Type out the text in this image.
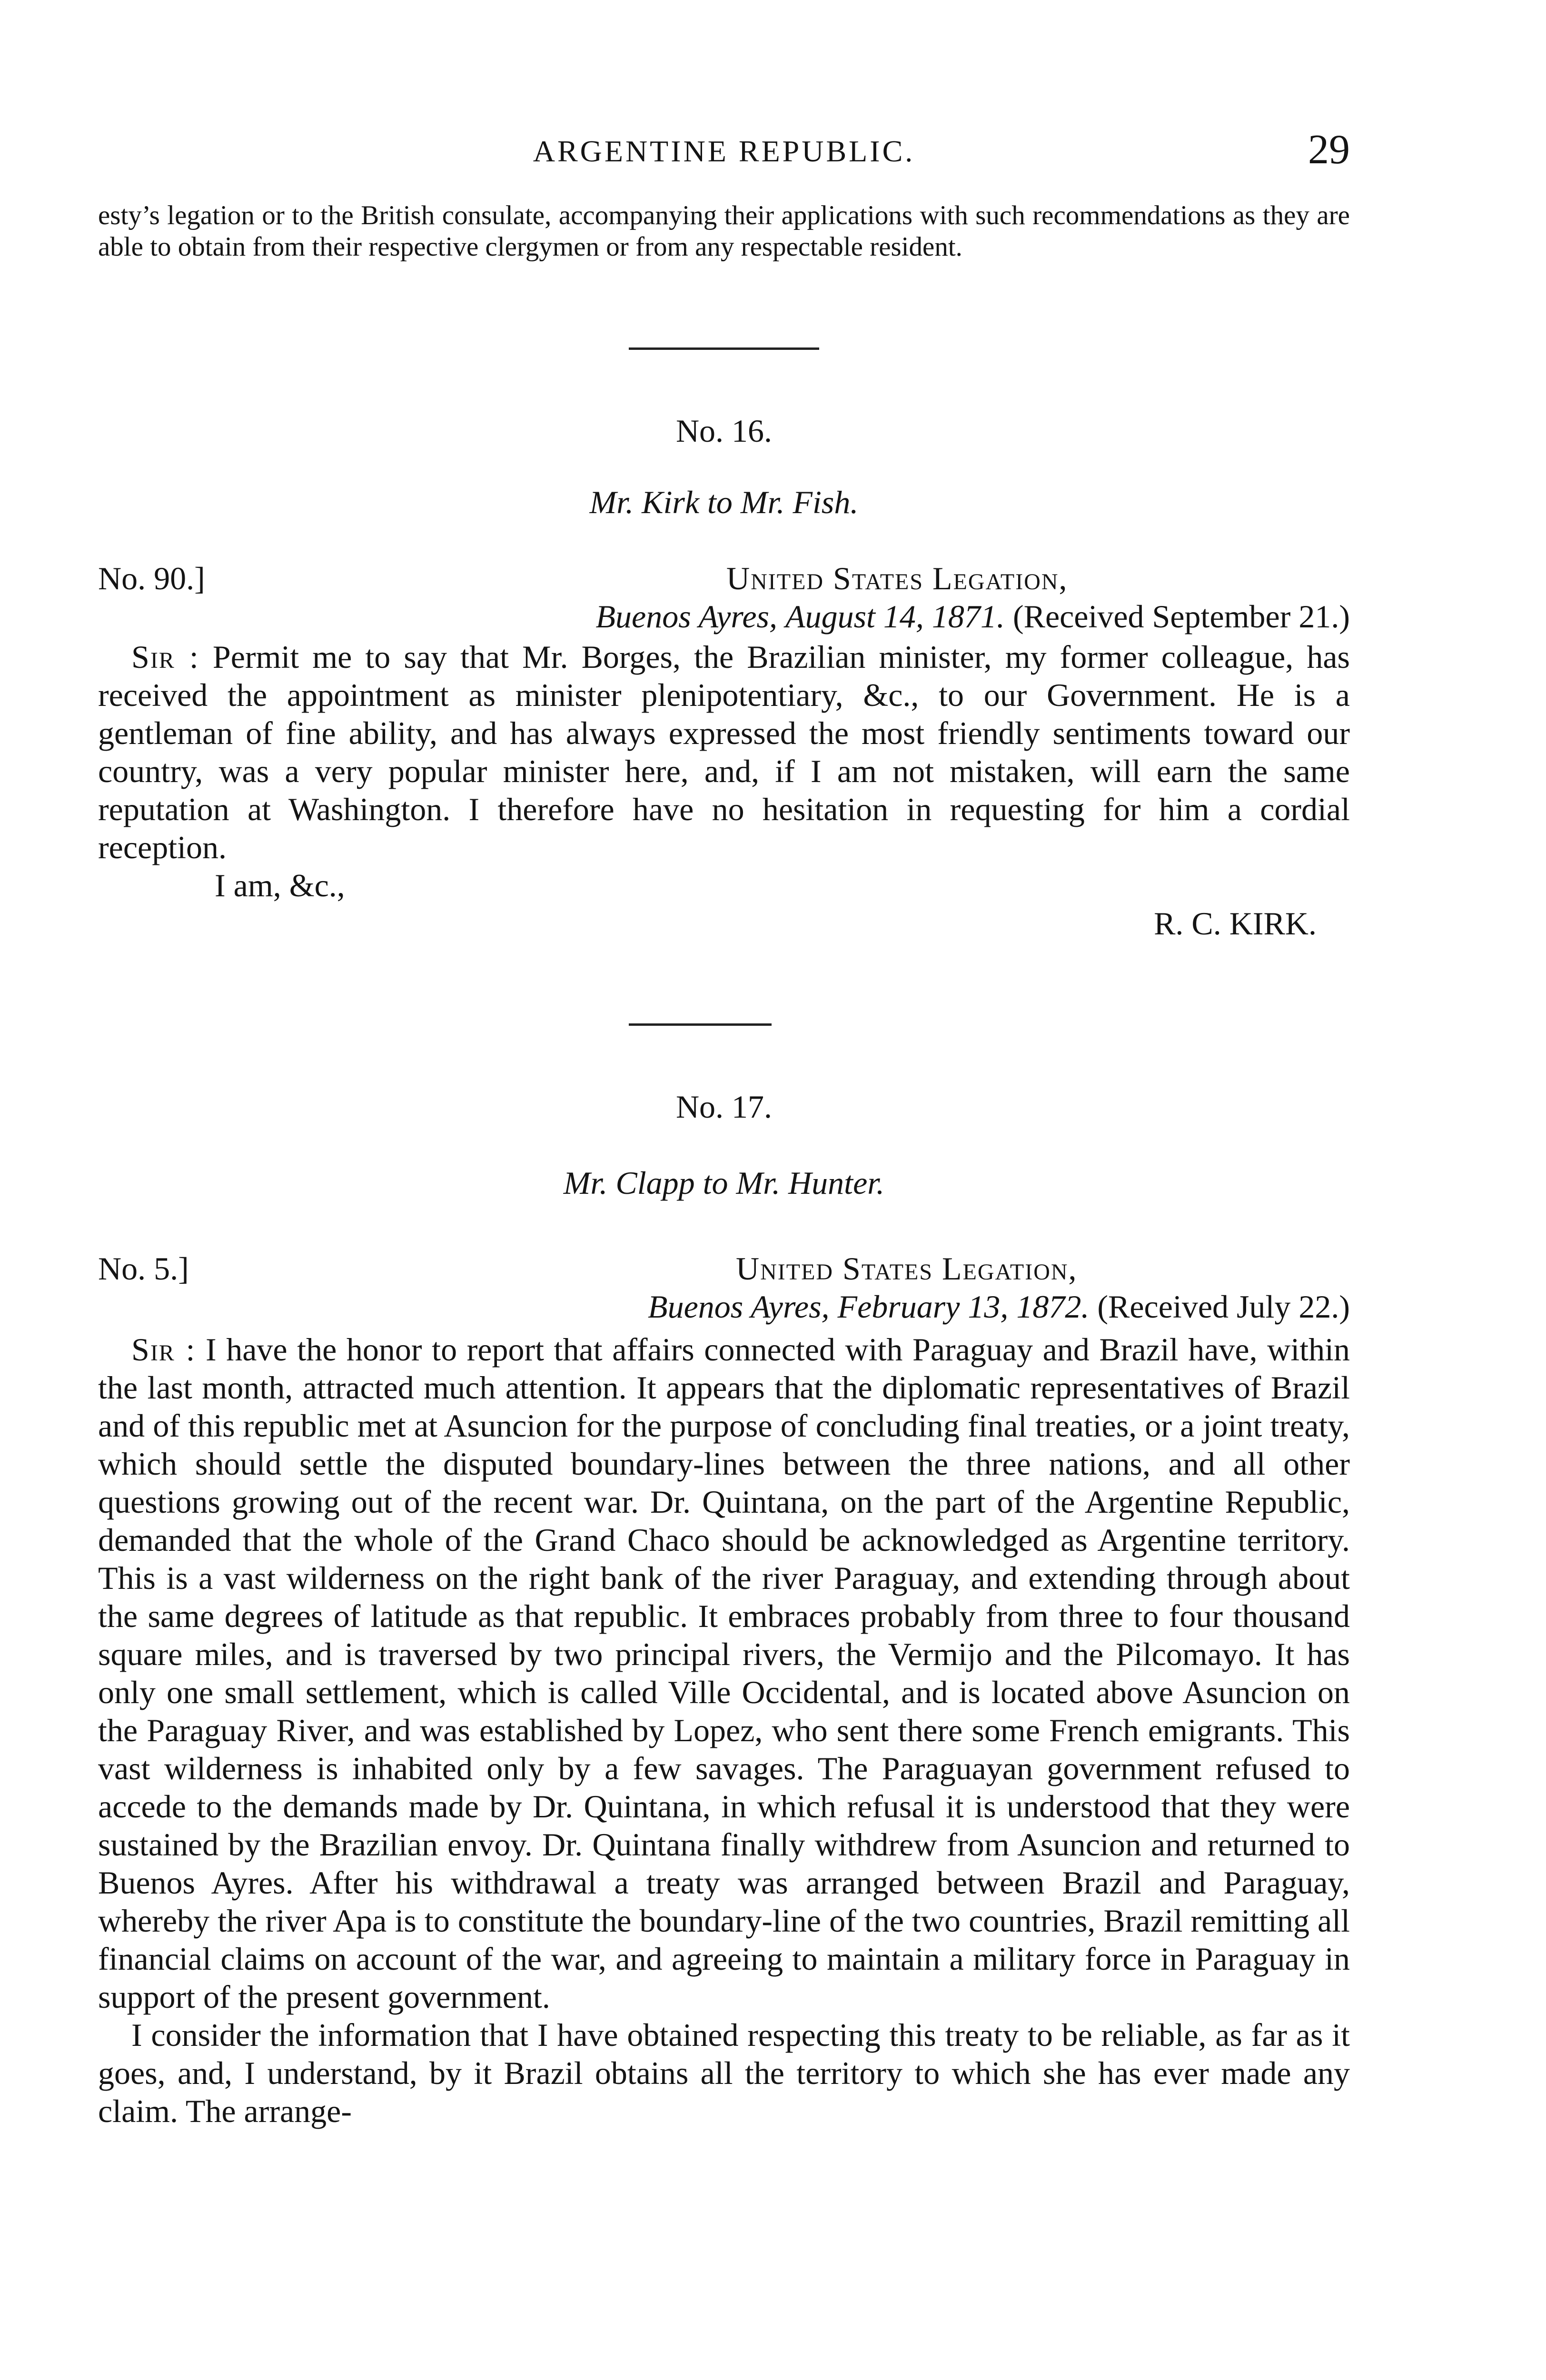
ARGENTINE REPUBLIC.	29

esty’s legation or to the British consulate, accompanying their applications with such recommendations as they are able to obtain from their respective clergymen or from any respectable resident.

No. 16.
Mr. Kirk to Mr. Fish.
No. 90.]	United States Legation,
Buenos Ayres, August 14, 1871. (Received September 21.)

Sir : Permit me to say that Mr. Borges, the Brazilian minister, my former colleague, has received the appointment as minister plenipotentiary, &c., to our Government. He is a gentleman of fine ability, and has always expressed the most friendly sentiments toward our country, was a very popular minister here, and, if I am not mistaken, will earn the same reputation at Washington. I therefore have no hesitation in requesting for him a cordial reception.

I am, &c.,

R. C. KIRK.

No. 17.
Mr. Clapp to Mr. Hunter.
No. 5.]	United States Legation,
Buenos Ayres, February 13, 1872. (Received July 22.)

Sir : I have the honor to report that affairs connected with Paraguay and Brazil have, within the last month, attracted much attention. It appears that the diplomatic representatives of Brazil and of this republic met at Asuncion for the purpose of concluding final treaties, or a joint treaty, which should settle the disputed boundary-lines between the three nations, and all other questions growing out of the recent war. Dr. Quintana, on the part of the Argentine Republic, demanded that the whole of the Grand Chaco should be acknowledged as Argentine territory. This is a vast wilderness on the right bank of the river Paraguay, and extending through about the same degrees of latitude as that republic. It embraces probably from three to four thousand square miles, and is traversed by two principal rivers, the Vermijo and the Pilcomayo. It has only one small settlement, which is called Ville Occidental, and is located above Asuncion on the Paraguay River, and was established by Lopez, who sent there some French emigrants. This vast wilderness is inhabited only by a few savages. The Paraguayan government refused to accede to the demands made by Dr. Quintana, in which refusal it is understood that they were sustained by the Brazilian envoy. Dr. Quintana finally withdrew from Asuncion and returned to Buenos Ayres. After his withdrawal a treaty was arranged between Brazil and Paraguay, whereby the river Apa is to constitute the boundary-line of the two countries, Brazil remitting all financial claims on account of the war, and agreeing to maintain a military force in Paraguay in support of the present government.

I consider the information that I have obtained respecting this treaty to be reliable, as far as it goes, and, I understand, by it Brazil obtains all the territory to which she has ever made any claim. The arrange-
